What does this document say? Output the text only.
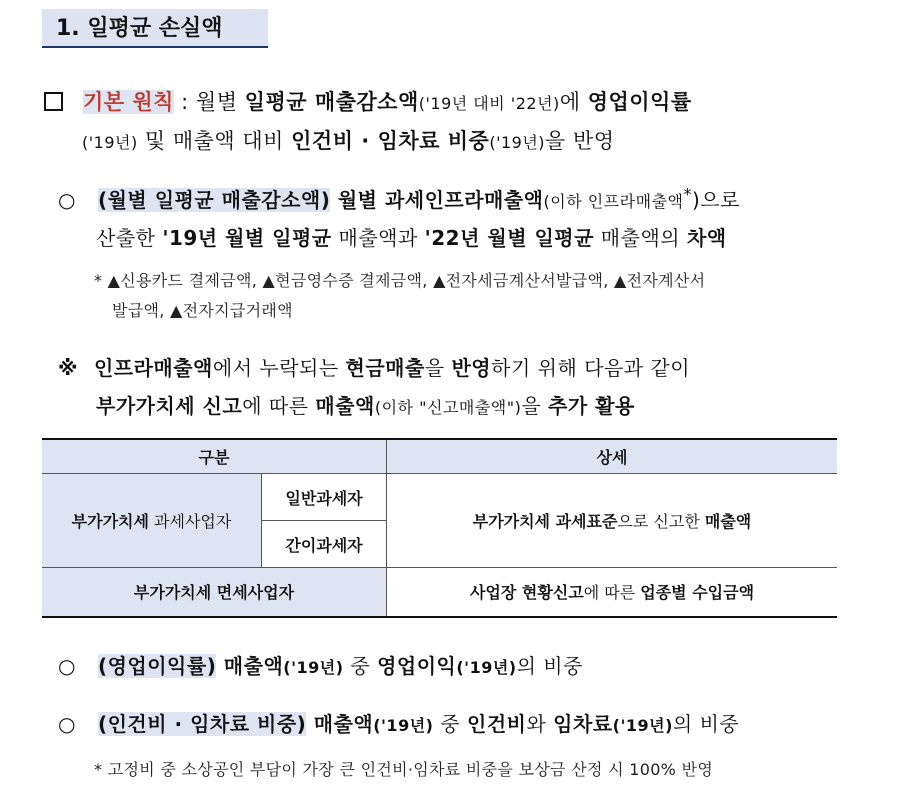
1. 일평균 손실액
기본 원칙 : 월별 일평균 매출감소액('19년 대비 '22년)에 영업이익률
('19년) 및 매출액 대비 인건비 · 임차료 비중('19년)을 반영
○ (월별 일평균 매출감소액) 월별 과세인프라매출액(이하 인프라매출액*)으로
산출한 '19년 월별 일평균 매출액과 '22년 월별 일평균 매출액의 차액
* ▲신용카드 결제금액, ▲현금영수증 결제금액, ▲전자세금계산서발급액, ▲전자계산서
발급액, ▲전자지급거래액
※ 인프라매출액에서 누락되는 현금매출을 반영하기 위해 다음과 같이
부가가치세 신고에 따른 매출액(이하 "신고매출액")을 추가 활용
구분		상세
부가가치세 과세사업자	일반과세자	부가가치세 과세표준으로 신고한 매출액
	간이과세자	
부가가치세 면세사업자		사업장 현황신고에 따른 업종별 수입금액
○ (영업이익률) 매출액('19년) 중 영업이익('19년)의 비중
○ (인건비 · 임차료 비중) 매출액('19년) 중 인건비와 임차료('19년)의 비중
* 고정비 중 소상공인 부담이 가장 큰 인건비·임차료 비중을 보상금 산정 시 100% 반영
